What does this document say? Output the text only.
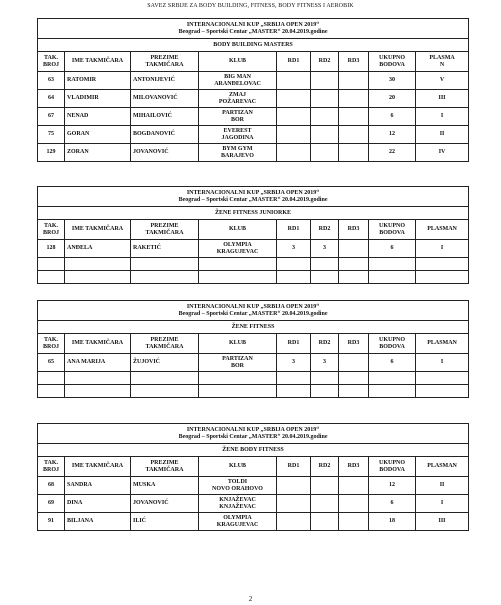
SAVEZ SRBIJE ZA BODY BUILDING, FITNESS, BODY FITNESS I AEROBIK
INTERNACIONALNI KUP „SRBIJA OPEN 2019“
Beograd – Sportski Centar „MASTER“ 20.04.2019.godine								
BODY BUILDING MASTERS								
TAK.
BROJ	IME TAKMIČARA	PREZIME
TAKMIČARA	KLUB	RD1	RD2	RD3	UKUPNO
BODOVA	PLASMA
N
63	RATOMIR	ANTONIJEVIĆ	BIG MAN
ARANĐELOVAC				30	V
64	VLADIMIR	MILOVANOVIĆ	ZMAJ
POŽAREVAC				20	III
67	NENAD	MIHAILOVIĆ	PARTIZAN
BOR				6	I
75	GORAN	BOGDANOVIĆ	EVEREST
JAGODINA				12	II
129	ZORAN	JOVANOVIĆ	BYM GYM
BARAJEVO				22	IV
INTERNACIONALNI KUP „SRBIJA OPEN 2019“
Beograd – Sportski Centar „MASTER“ 20.04.2019.godine								
ŽENE FITNESS JUNIORKE								
TAK.
BROJ	IME TAKMIČARA	PREZIME
TAKMIČARA	KLUB	RD1	RD2	RD3	UKUPNO
BODOVA	PLASMAN
128	ANĐELA	RAKETIĆ	OLYMPIA
KRAGUJEVAC	3	3		6	I

INTERNACIONALNI KUP „SRBIJA OPEN 2019“
Beograd – Sportski Centar „MASTER“ 20.04.2019.godine								
ŽENE FITNESS								
TAK.
BROJ	IME TAKMIČARA	PREZIME
TAKMIČARA	KLUB	RD1	RD2	RD3	UKUPNO
BODOVA	PLASMAN
65	ANA MARIJA	ŽUJOVIĆ	PARTIZAN
BOR	3	3		6	I

INTERNACIONALNI KUP „SRBIJA OPEN 2019“
Beograd – Sportski Centar „MASTER“ 20.04.2019.godine								
ŽENE BODY FITNESS								
TAK.
BROJ	IME TAKMIČARA	PREZIME
TAKMIČARA	KLUB	RD1	RD2	RD3	UKUPNO
BODOVA	PLASMAN
68	SANDRA	MUSKA	TOLDI
NOVO ORAHOVO				12	II
69	DINA	JOVANOVIĆ	KNJAŽEVAC
KNJAŽEVAC				6	I
91	BILJANA	ILIĆ	OLYMPIA
KRAGUJEVAC				18	III
2
